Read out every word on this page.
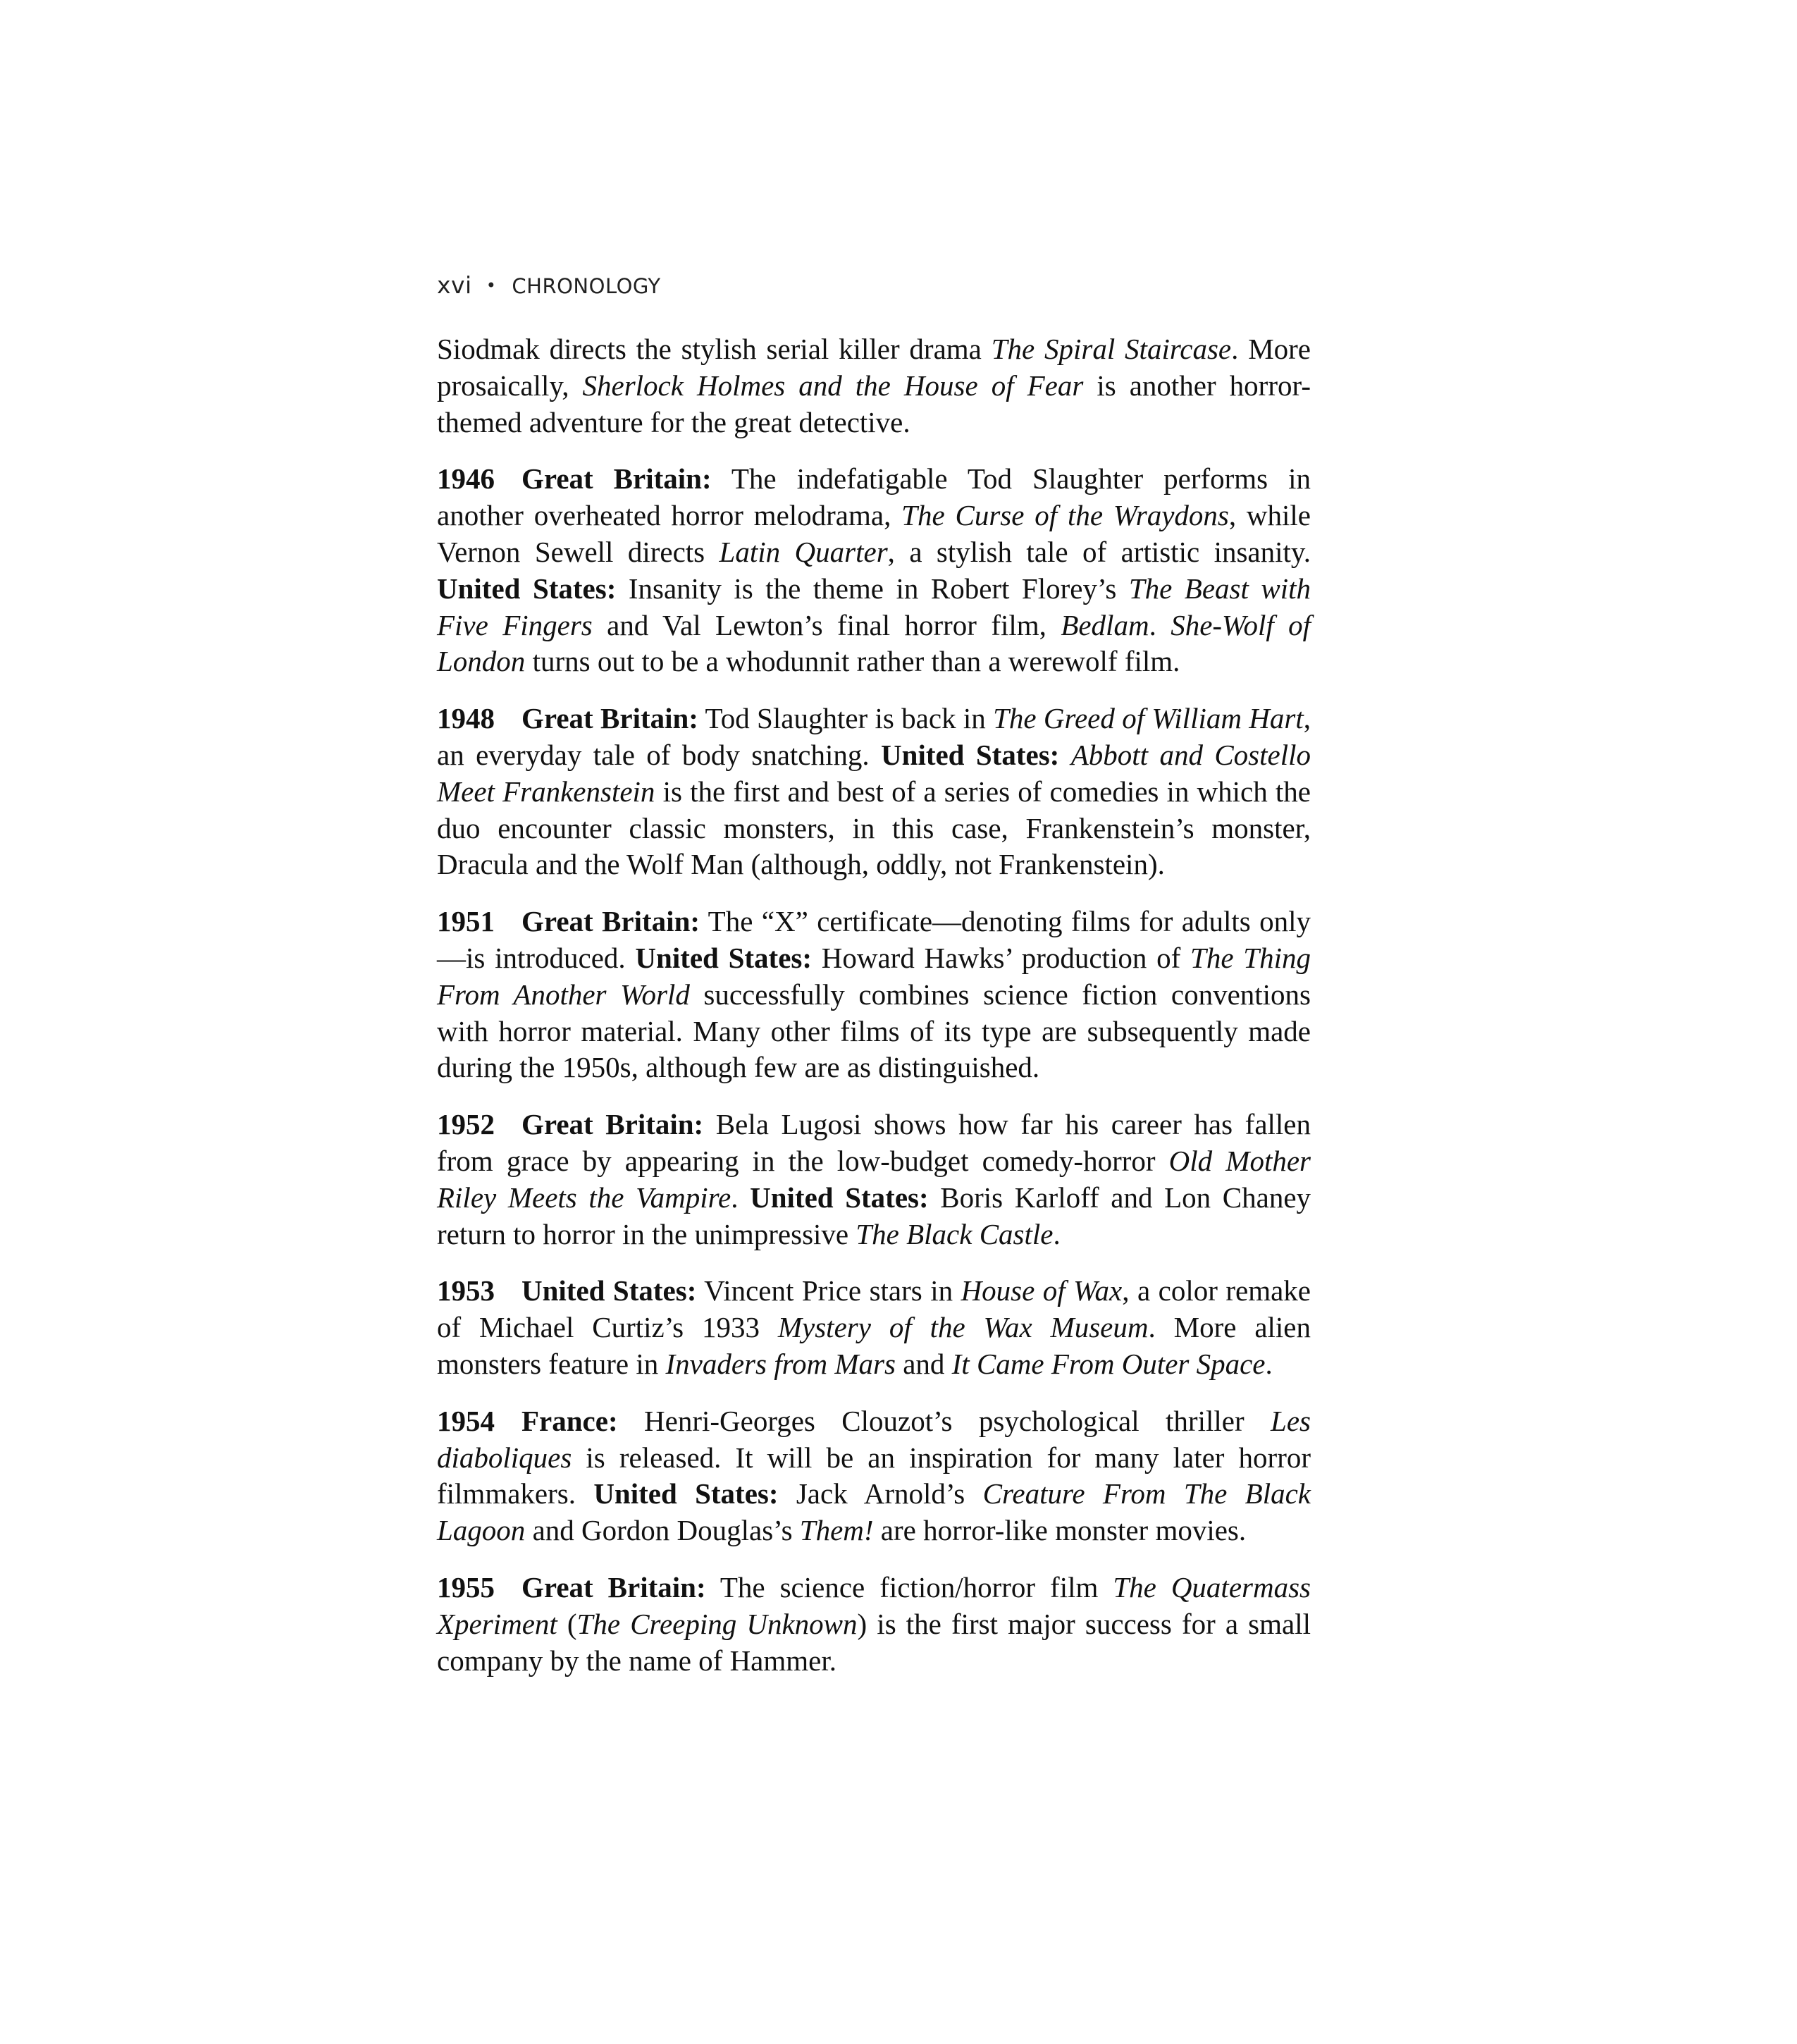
xvi • CHRONOLOGY

Siodmak directs the stylish serial killer drama The Spiral Staircase. More prosaically, Sherlock Holmes and the House of Fear is another horror-themed adventure for the great detective.

1946 Great Britain: The indefatigable Tod Slaughter performs in another overheated horror melodrama, The Curse of the Wraydons, while Vernon Sewell directs Latin Quarter, a stylish tale of artistic insanity. United States: Insanity is the theme in Robert Florey’s The Beast with Five Fingers and Val Lewton’s final horror film, Bedlam. She-Wolf of London turns out to be a whodunnit rather than a werewolf film.

1948 Great Britain: Tod Slaughter is back in The Greed of William Hart, an everyday tale of body snatching. United States: Abbott and Costello Meet Frankenstein is the first and best of a series of comedies in which the duo encounter classic monsters, in this case, Frankenstein’s monster, Dracula and the Wolf Man (although, oddly, not Frankenstein).

1951 Great Britain: The “X” certificate—denoting films for adults only—is introduced. United States: Howard Hawks’ production of The Thing From Another World successfully combines science fiction conventions with horror material. Many other films of its type are subsequently made during the 1950s, although few are as distinguished.

1952 Great Britain: Bela Lugosi shows how far his career has fallen from grace by appearing in the low-budget comedy-horror Old Mother Riley Meets the Vampire. United States: Boris Karloff and Lon Chaney return to horror in the unimpressive The Black Castle.

1953 United States: Vincent Price stars in House of Wax, a color remake of Michael Curtiz’s 1933 Mystery of the Wax Museum. More alien monsters feature in Invaders from Mars and It Came From Outer Space.

1954 France: Henri-Georges Clouzot’s psychological thriller Les diaboliques is released. It will be an inspiration for many later horror filmmakers. United States: Jack Arnold’s Creature From The Black Lagoon and Gordon Douglas’s Them! are horror-like monster movies.

1955 Great Britain: The science fiction/horror film The Quatermass Xperiment (The Creeping Unknown) is the first major success for a small company by the name of Hammer.
